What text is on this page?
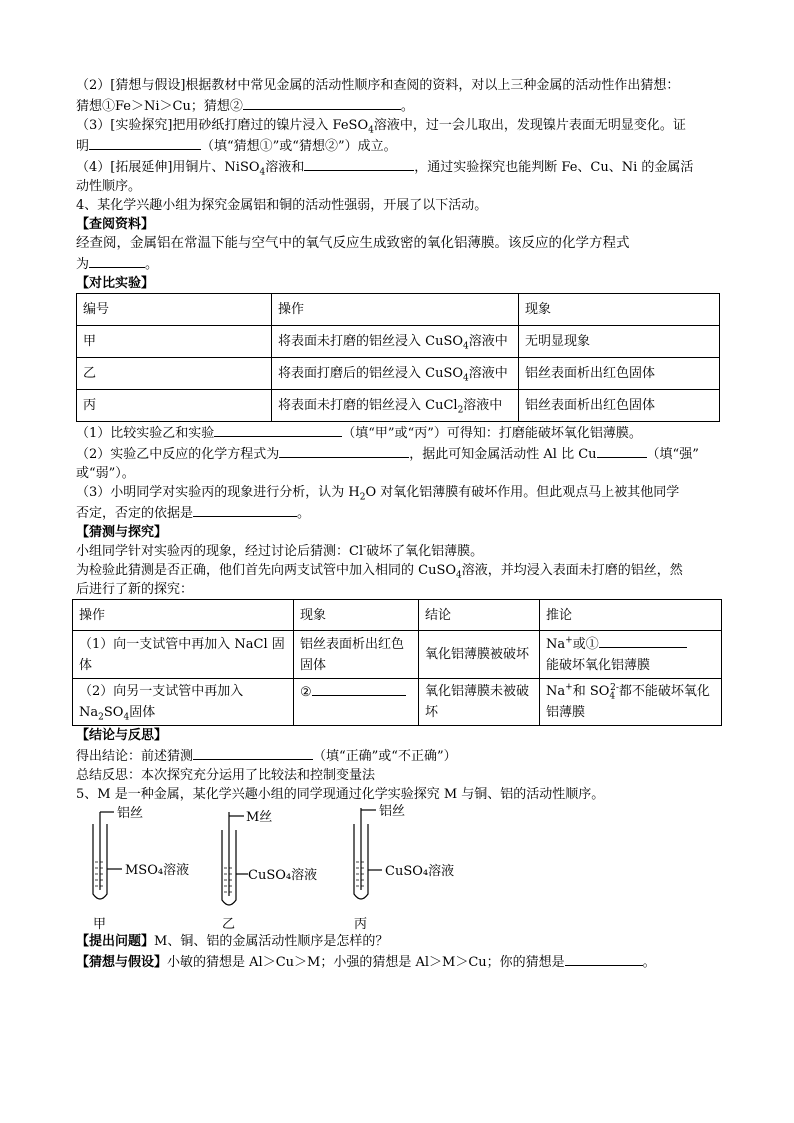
（2）[猜想与假设]根据教材中常见金属的活动性顺序和查阅的资料，对以上三种金属的活动性作出猜想：

猜想①Fe＞Ni＞Cu；猜想②	。

（3）[实验探究]把用砂纸打磨过的镍片浸入 FeSO$_4$溶液中，过一会儿取出，发现镍片表面无明显变化。证

明	（填“猜想①”或“猜想②”）成立。

（4）[拓展延伸]用铜片、NiSO$_4$溶液和	，通过实验探究也能判断 Fe、Cu、Ni 的金属活

动性顺序。

4、某化学兴趣小组为探究金属铝和铜的活动性强弱，开展了以下活动。

【查阅资料】

经查阅，金属铝在常温下能与空气中的氧气反应生成致密的氧化铝薄膜。该反应的化学方程式

为	。

【对比实验】

编号	操作	现象
甲	将表面未打磨的铝丝浸入 CuSO$_4$溶液中	无明显现象
乙	将表面打磨后的铝丝浸入 CuSO$_4$溶液中	铝丝表面析出红色固体
丙	将表面未打磨的铝丝浸入 CuCl$_2$溶液中	铝丝表面析出红色固体

（1）比较实验乙和实验	（填“甲”或“丙”）可得知：打磨能破坏氧化铝薄膜。

（2）实验乙中反应的化学方程式为	，据此可知金属活动性 Al 比 Cu	（填“强”

或“弱”）。

（3）小明同学对实验丙的现象进行分析，认为 $H_2O$ 对氧化铝薄膜有破坏作用。但此观点马上被其他同学

否定，否定的依据是	。

【猜测与探究】

小组同学针对实验丙的现象，经过讨论后猜测：Cl-破坏了氧化铝薄膜。

为检验此猜测是否正确，他们首先向两支试管中加入相同的 CuSO$_4$溶液，并均浸入表面未打磨的铝丝，然

后进行了新的探究：

操作	现象	结论	推论
（1）向一支试管中再加入 NaCl 固体	铝丝表面析出红色固体	氧化铝薄膜被破坏	Na+或①
能破坏氧化铝薄膜
（2）向另一支试管中再加入 $Na_2SO_4$固体	②	氧化铝薄膜未被破坏	Na+和 $SO_4^{2-}$都不能破坏氧化铝薄膜

【结论与反思】

得出结论：前述猜测	（填“正确”或“不正确”）

总结反思：本次探究充分运用了比较法和控制变量法

5、M 是一种金属，某化学兴趣小组的同学现通过化学实验探究 M 与铜、铝的活动性顺序。

铝丝
MSO₄溶液
甲
M丝
CuSO₄溶液
乙
铝丝
CuSO₄溶液
丙

【提出问题】M、铜、铝的金属活动性顺序是怎样的？

【猜想与假设】小敏的猜想是 Al＞Cu＞M；小强的猜想是 Al＞M＞Cu；你的猜想是	。
